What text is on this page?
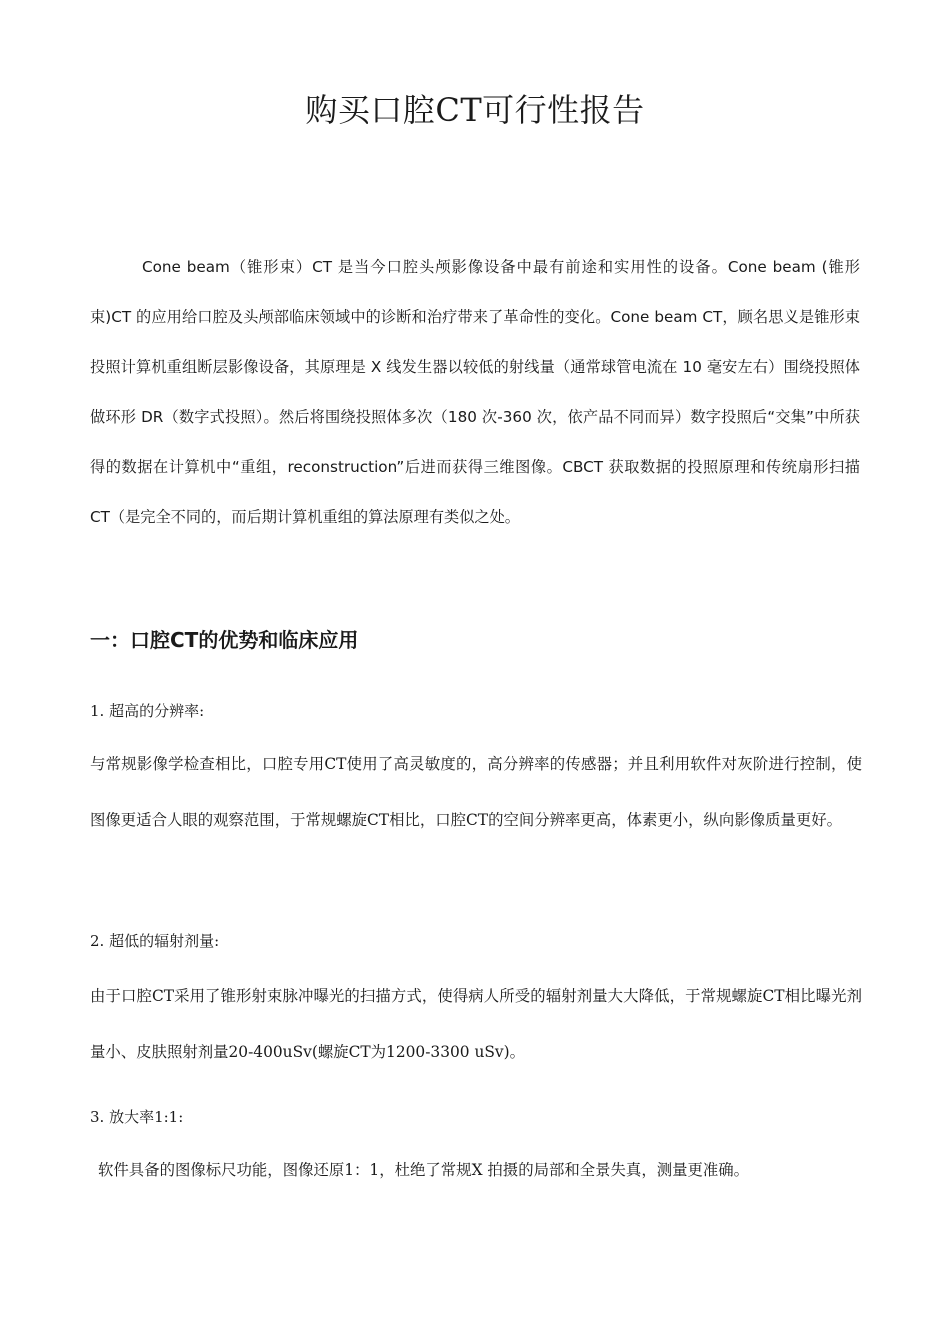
购买口腔CT可行性报告

Cone beam（锥形束）CT 是当今口腔头颅影像设备中最有前途和实用性的设备。Cone beam (锥形束)CT 的应用给口腔及头颅部临床领域中的诊断和治疗带来了革命性的变化。Cone beam CT，顾名思义是锥形束投照计算机重组断层影像设备，其原理是 X 线发生器以较低的射线量（通常球管电流在 10 毫安左右）围绕投照体做环形 DR（数字式投照）。然后将围绕投照体多次（180 次-360 次，依产品不同而异）数字投照后“交集”中所获得的数据在计算机中“重组，reconstruction”后进而获得三维图像。CBCT 获取数据的投照原理和传统扇形扫描 CT（是完全不同的，而后期计算机重组的算法原理有类似之处。

一：口腔CT的优势和临床应用

1. 超高的分辨率:

与常规影像学检查相比，口腔专用CT使用了高灵敏度的，高分辨率的传感器；并且利用软件对灰阶进行控制，使图像更适合人眼的观察范围，于常规螺旋CT相比，口腔CT的空间分辨率更高，体素更小，纵向影像质量更好。

2. 超低的辐射剂量:

由于口腔CT采用了锥形射束脉冲曝光的扫描方式，使得病人所受的辐射剂量大大降低，于常规螺旋CT相比曝光剂量小、皮肤照射剂量20-400uSv(螺旋CT为1200-3300 uSv)。

3. 放大率1:1:

软件具备的图像标尺功能，图像还原1：1，杜绝了常规X 拍摄的局部和全景失真，测量更准确。
